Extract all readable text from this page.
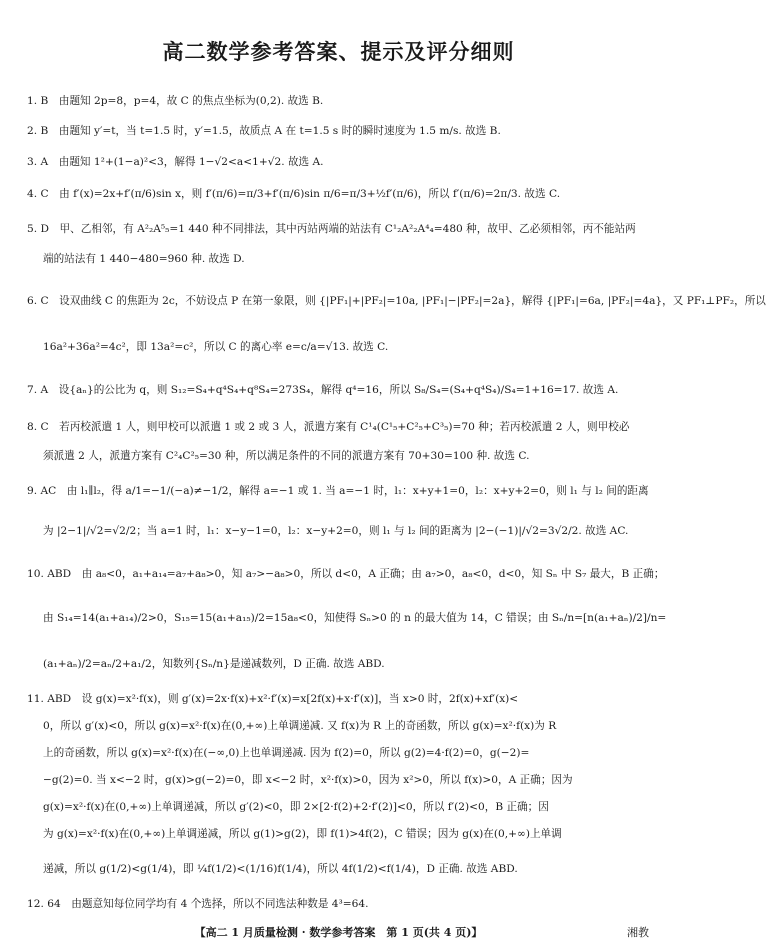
高二数学参考答案、提示及评分细则
1. B　由题知 2p=8，p=4，故 C 的焦点坐标为(0,2). 故选 B.
2. B　由题知 y′=t，当 t=1.5 时，y′=1.5，故质点 A 在 t=1.5 s 时的瞬时速度为 1.5 m/s. 故选 B.
3. A　由题知 1²+(1−a)²<3，解得 1−√2<a<1+√2. 故选 A.
4. C　由 f′(x)=2x+f′(π/6)sin x，则 f′(π/6)=π/3+f′(π/6)sin π/6=π/3+½f′(π/6)，所以 f′(π/6)=2π/3. 故选 C.
5. D　甲、乙相邻，有 A²₂A⁵₅=1 440 种不同排法，其中丙站两端的站法有 C¹₂A²₂A⁴₄=480 种，故甲、乙必须相邻，丙不能站两
端的站法有 1 440−480=960 种. 故选 D.
6. C　设双曲线 C 的焦距为 2c，不妨设点 P 在第一象限，则 {|PF₁|+|PF₂|=10a, |PF₁|−|PF₂|=2a}，解得 {|PF₁|=6a, |PF₂|=4a}，又 PF₁⊥PF₂，所以
16a²+36a²=4c²，即 13a²=c²，所以 C 的离心率 e=c/a=√13. 故选 C.
7. A　设{aₙ}的公比为 q，则 S₁₂=S₄+q⁴S₄+q⁸S₄=273S₄，解得 q⁴=16，所以 S₈/S₄=(S₄+q⁴S₄)/S₄=1+16=17. 故选 A.
8. C　若丙校派遣 1 人，则甲校可以派遣 1 或 2 或 3 人，派遣方案有 C¹₄(C¹₅+C²₅+C³₅)=70 种；若丙校派遣 2 人，则甲校必
须派遣 2 人，派遣方案有 C²₄C²₅=30 种，所以满足条件的不同的派遣方案有 70+30=100 种. 故选 C.
9. AC　由 l₁∥l₂，得 a/1=−1/(−a)≠−1/2，解得 a=−1 或 1. 当 a=−1 时，l₁：x+y+1=0，l₂：x+y+2=0，则 l₁ 与 l₂ 间的距离
为 |2−1|/√2=√2/2；当 a=1 时，l₁：x−y−1=0，l₂：x−y+2=0，则 l₁ 与 l₂ 间的距离为 |2−(−1)|/√2=3√2/2. 故选 AC.
10. ABD　由 a₈<0，a₁+a₁₄=a₇+a₈>0，知 a₇>−a₈>0，所以 d<0，A 正确；由 a₇>0，a₈<0，d<0，知 Sₙ 中 S₇ 最大，B 正确；
由 S₁₄=14(a₁+a₁₄)/2>0，S₁₅=15(a₁+a₁₅)/2=15a₈<0，知使得 Sₙ>0 的 n 的最大值为 14，C 错误；由 Sₙ/n=[n(a₁+aₙ)/2]/n=
(a₁+aₙ)/2=aₙ/2+a₁/2，知数列{Sₙ/n}是递减数列，D 正确. 故选 ABD.
11. ABD　设 g(x)=x²·f(x)，则 g′(x)=2x·f(x)+x²·f′(x)=x[2f(x)+x·f′(x)]，当 x>0 时，2f(x)+xf′(x)<
0，所以 g′(x)<0，所以 g(x)=x²·f(x)在(0,+∞)上单调递减. 又 f(x)为 R 上的奇函数，所以 g(x)=x²·f(x)为 R
上的奇函数，所以 g(x)=x²·f(x)在(−∞,0)上也单调递减. 因为 f(2)=0，所以 g(2)=4·f(2)=0，g(−2)=
−g(2)=0. 当 x<−2 时，g(x)>g(−2)=0，即 x<−2 时，x²·f(x)>0，因为 x²>0，所以 f(x)>0，A 正确；因为
g(x)=x²·f(x)在(0,+∞)上单调递减，所以 g′(2)<0，即 2×[2·f(2)+2·f′(2)]<0，所以 f′(2)<0，B 正确；因
为 g(x)=x²·f(x)在(0,+∞)上单调递减，所以 g(1)>g(2)，即 f(1)>4f(2)，C 错误；因为 g(x)在(0,+∞)上单调
递减，所以 g(1/2)<g(1/4)，即 ¼f(1/2)<(1/16)f(1/4)，所以 4f(1/2)<f(1/4)，D 正确. 故选 ABD.
12. 64　由题意知每位同学均有 4 个选择，所以不同选法种数是 4³=64.
【高二 1 月质量检测 · 数学参考答案　第 1 页(共 4 页)】	湘教
